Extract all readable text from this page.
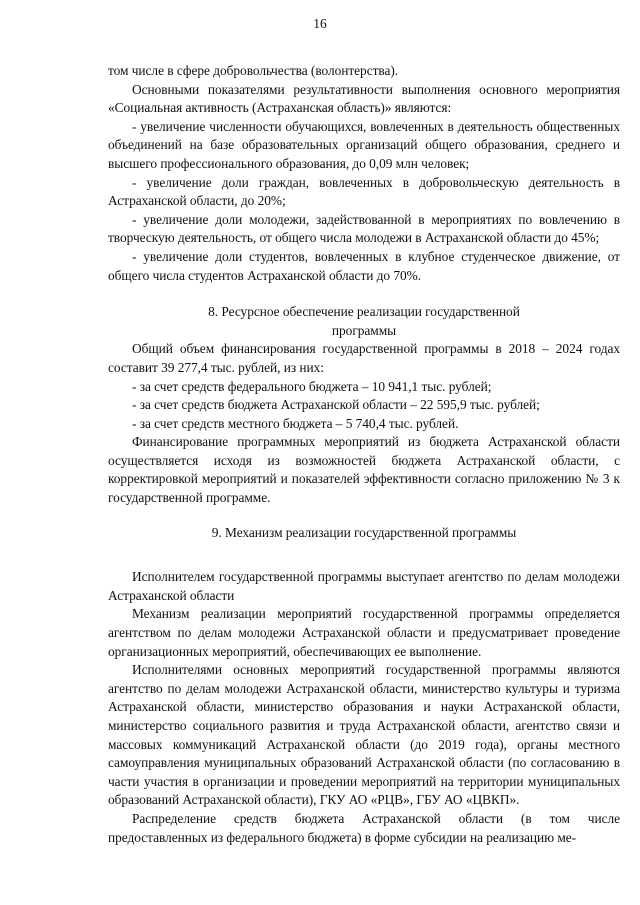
16

том числе в сфере добровольчества (волонтерства).

Основными показателями результативности выполнения основного мероприятия «Социальная активность (Астраханская область)» являются:

- увеличение численности обучающихся, вовлеченных в деятельность общественных объединений на базе образовательных организаций общего образования, среднего и высшего профессионального образования, до 0,09 млн человек;

- увеличение доли граждан, вовлеченных в добровольческую деятельность в Астраханской области, до 20%;

- увеличение доли молодежи, задействованной в мероприятиях по вовлечению в творческую деятельность, от общего числа молодежи в Астраханской области до 45%;

- увеличение доли студентов, вовлеченных в клубное студенческое движение, от общего числа студентов Астраханской области до 70%.

8. Ресурсное обеспечение реализации государственной программы

Общий объем финансирования государственной программы в 2018 – 2024 годах составит 39 277,4 тыс. рублей, из них:

- за счет средств федерального бюджета – 10 941,1 тыс. рублей;

- за счет средств бюджета Астраханской области – 22 595,9 тыс. рублей;

- за счет средств местного бюджета – 5 740,4 тыс. рублей.

Финансирование программных мероприятий из бюджета Астраханской области осуществляется исходя из возможностей бюджета Астраханской области, с корректировкой мероприятий и показателей эффективности согласно приложению № 3 к государственной программе.

9. Механизм реализации государственной программы

Исполнителем государственной программы выступает агентство по делам молодежи Астраханской области

Механизм реализации мероприятий государственной программы определяется агентством по делам молодежи Астраханской области и предусматривает проведение организационных мероприятий, обеспечивающих ее выполнение.

Исполнителями основных мероприятий государственной программы являются агентство по делам молодежи Астраханской области, министерство культуры и туризма Астраханской области, министерство образования и науки Астраханской области, министерство социального развития и труда Астраханской области, агентство связи и массовых коммуникаций Астраханской области (до 2019 года), органы местного самоуправления муниципальных образований Астраханской области (по согласованию в части участия в организации и проведении мероприятий на территории муниципальных образований Астраханской области), ГКУ АО «РЦВ», ГБУ АО «ЦВКП».

Распределение средств бюджета Астраханской области (в том числе предоставленных из федерального бюджета) в форме субсидии на реализацию ме-
